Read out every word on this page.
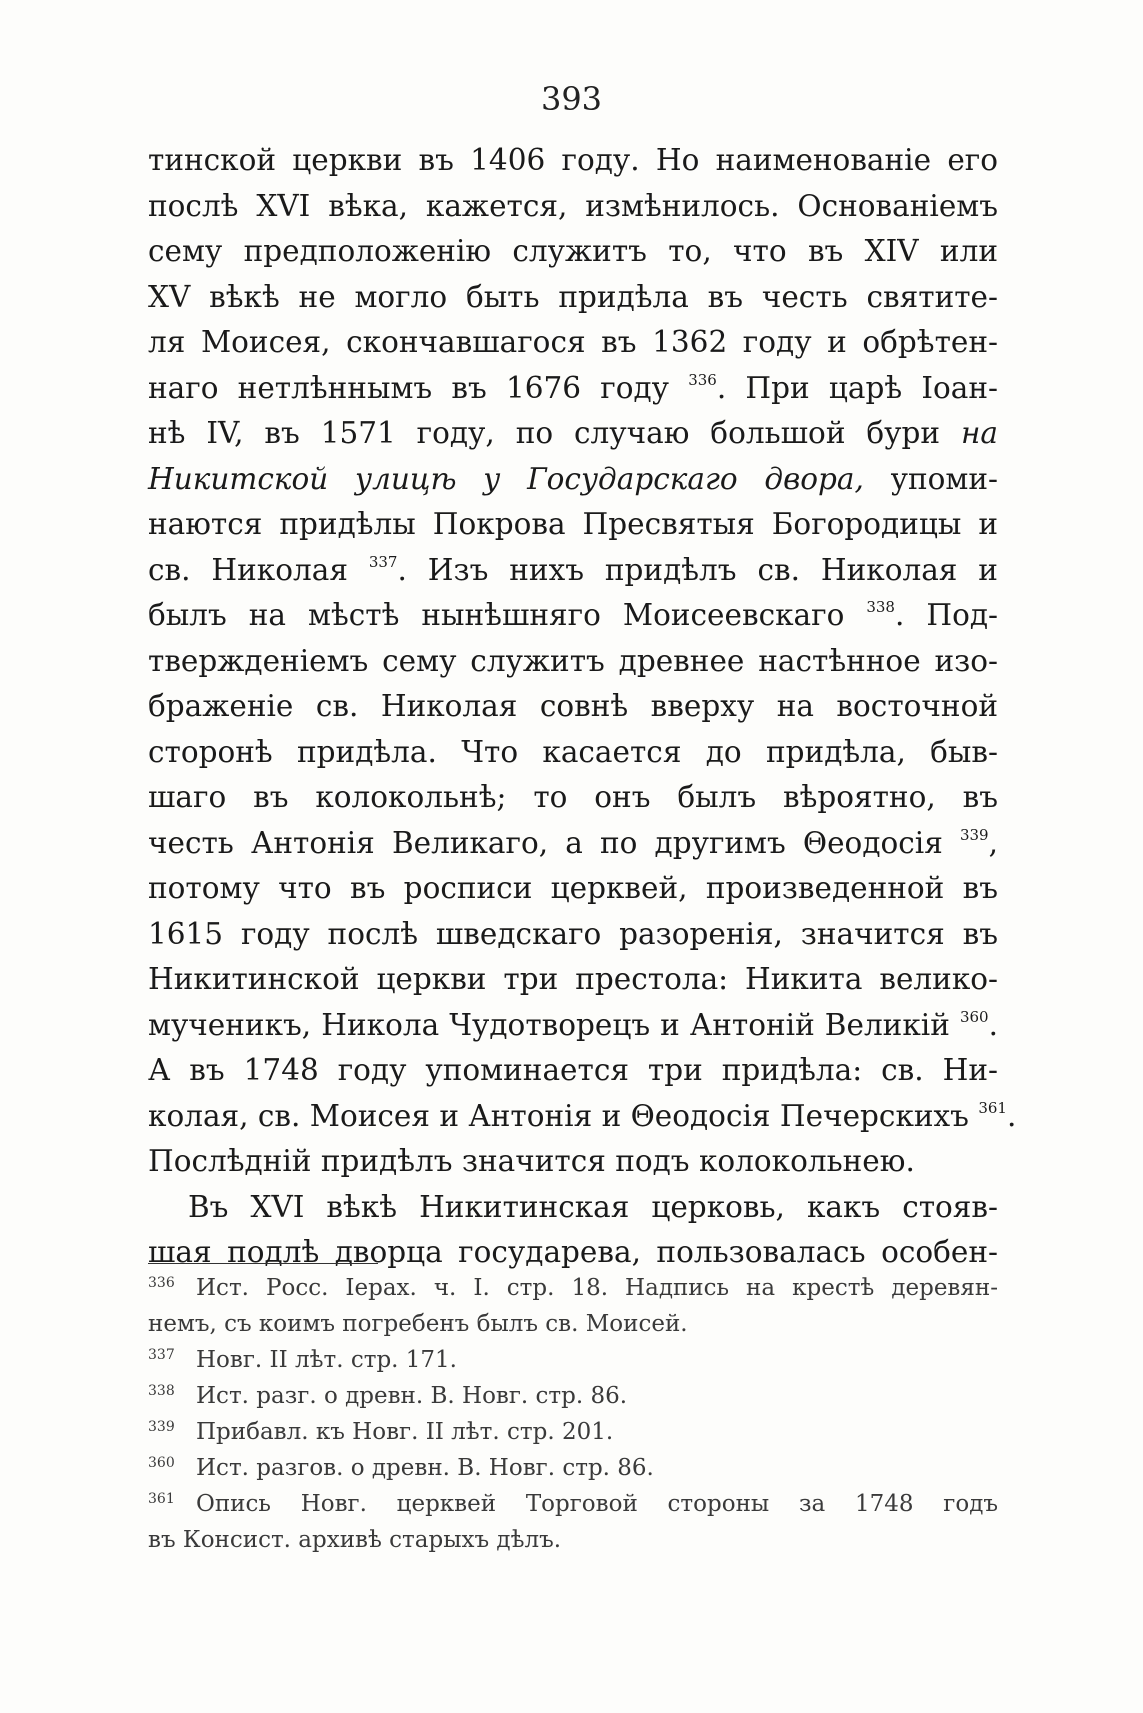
393
тинской церкви въ 1406 году. Но наименованiе его
послѣ XVI вѣка, кажется, измѣнилось. Основанiемъ
сему предположенiю служитъ то, что въ XIV или
XV вѣкѣ не могло быть придѣла въ честь святите-
ля Моисея, скончавшагося въ 1362 году и обрѣтен-
наго нетлѣннымъ въ 1676 году $^{336}$. При царѣ Iоан-
нѣ IV, въ 1571 году, по случаю большой бури на
Никитской улицѣ у Государскаго двора, упоми-
наются придѣлы Покрова Пресвятыя Богородицы и
св. Николая $^{337}$. Изъ нихъ придѣлъ св. Николая и
былъ на мѣстѣ нынѣшняго Моисеевскаго $^{338}$. Под-
твержденiемъ сему служитъ древнее настѣнное изо-
браженiе св. Николая совнѣ вверху на восточной
сторонѣ придѣла. Что касается до придѣла, быв-
шаго въ колокольнѣ; то онъ былъ вѣроятно, въ
честь Антонiя Великаго, а по другимъ Θеодосiя $^{339}$,
потому что въ росписи церквей, произведенной въ
1615 году послѣ шведскаго разоренiя, значится въ
Никитинской церкви три престола: Никита велико-
мученикъ, Никола Чудотворецъ и Антонiй Великiй $^{360}$.
А въ 1748 году упоминается три придѣла: св. Ни-
колая, св. Моисея и Антонiя и Θеодосiя Печерскихъ $^{361}$.
Послѣднiй придѣлъ значится подъ колокольнею.
Въ XVI вѣкѣ Никитинская церковь, какъ стояв-
шая подлѣ дворца государева, пользовалась особен-
336 Ист. Росс. Iерах. ч. I. стр. 18. Надпись на крестѣ деревян-
немъ, съ коимъ погребенъ былъ св. Моисей.
337 Новг. II лѣт. стр. 171.
338 Ист. разг. о древн. В. Новг. стр. 86.
339 Прибавл. къ Новг. II лѣт. стр. 201.
360 Ист. разгов. о древн. В. Новг. стр. 86.
361 Опись Новг. церквей Торговой стороны за 1748 годъ
въ Консист. архивѣ старыхъ дѣлъ.
